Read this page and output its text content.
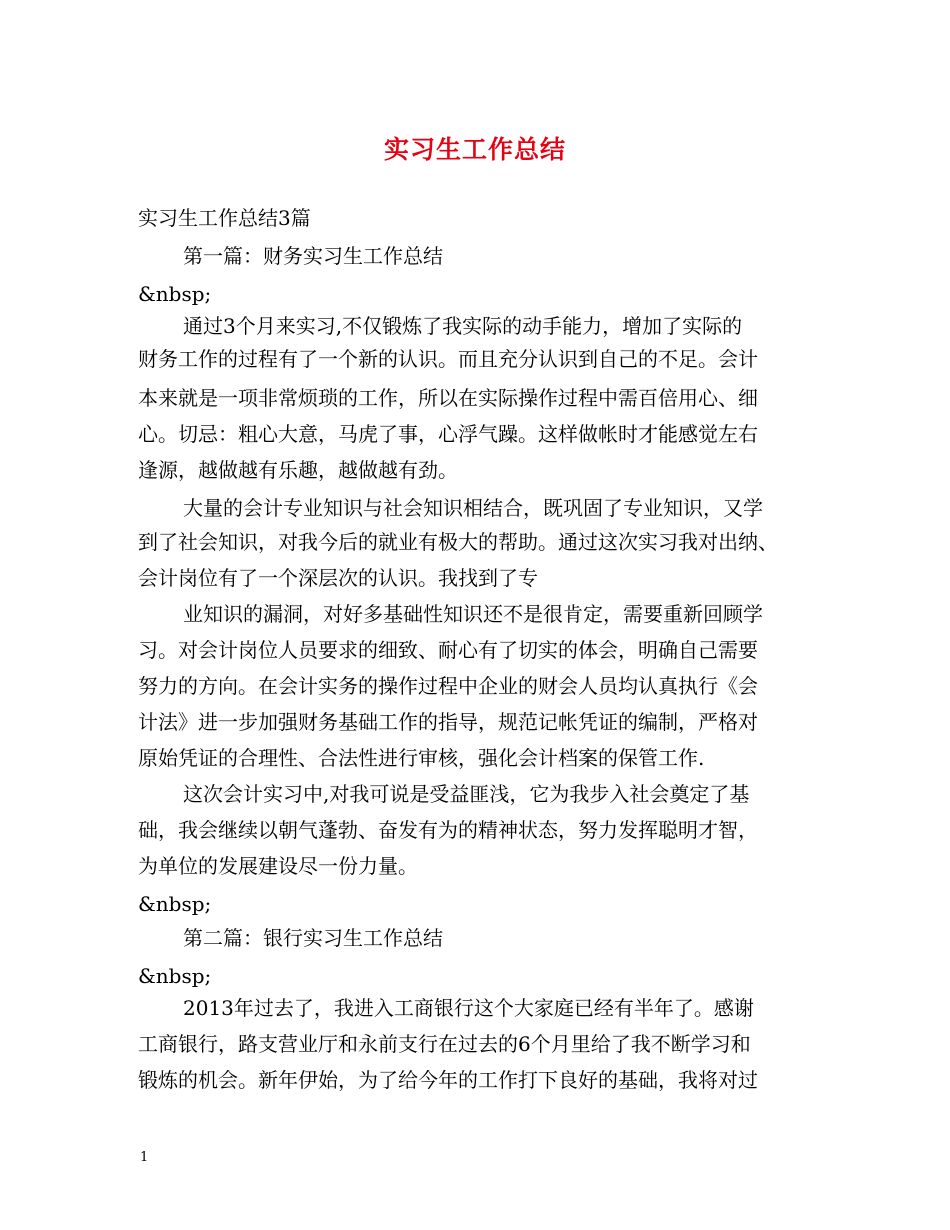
实习生工作总结
实习生工作总结3篇
第一篇：财务实习生工作总结
&nbsp;
通过3个月来实习,不仅锻炼了我实际的动手能力，增加了实际的
财务工作的过程有了一个新的认识。而且充分认识到自己的不足。会计
本来就是一项非常烦琐的工作，所以在实际操作过程中需百倍用心、细
心。切忌：粗心大意，马虎了事，心浮气躁。这样做帐时才能感觉左右
逢源，越做越有乐趣，越做越有劲。
大量的会计专业知识与社会知识相结合，既巩固了专业知识，又学
到了社会知识，对我今后的就业有极大的帮助。通过这次实习我对出纳、
会计岗位有了一个深层次的认识。我找到了专
业知识的漏洞，对好多基础性知识还不是很肯定，需要重新回顾学
习。对会计岗位人员要求的细致、耐心有了切实的体会，明确自己需要
努力的方向。在会计实务的操作过程中企业的财会人员均认真执行《会
计法》进一步加强财务基础工作的指导，规范记帐凭证的编制，严格对
原始凭证的合理性、合法性进行审核，强化会计档案的保管工作.
这次会计实习中,对我可说是受益匪浅，它为我步入社会奠定了基
础，我会继续以朝气蓬勃、奋发有为的精神状态，努力发挥聪明才智，
为单位的发展建设尽一份力量。
&nbsp;
第二篇：银行实习生工作总结
&nbsp;
2013年过去了，我进入工商银行这个大家庭已经有半年了。感谢
工商银行，路支营业厅和永前支行在过去的6个月里给了我不断学习和
锻炼的机会。新年伊始，为了给今年的工作打下良好的基础，我将对过
1
